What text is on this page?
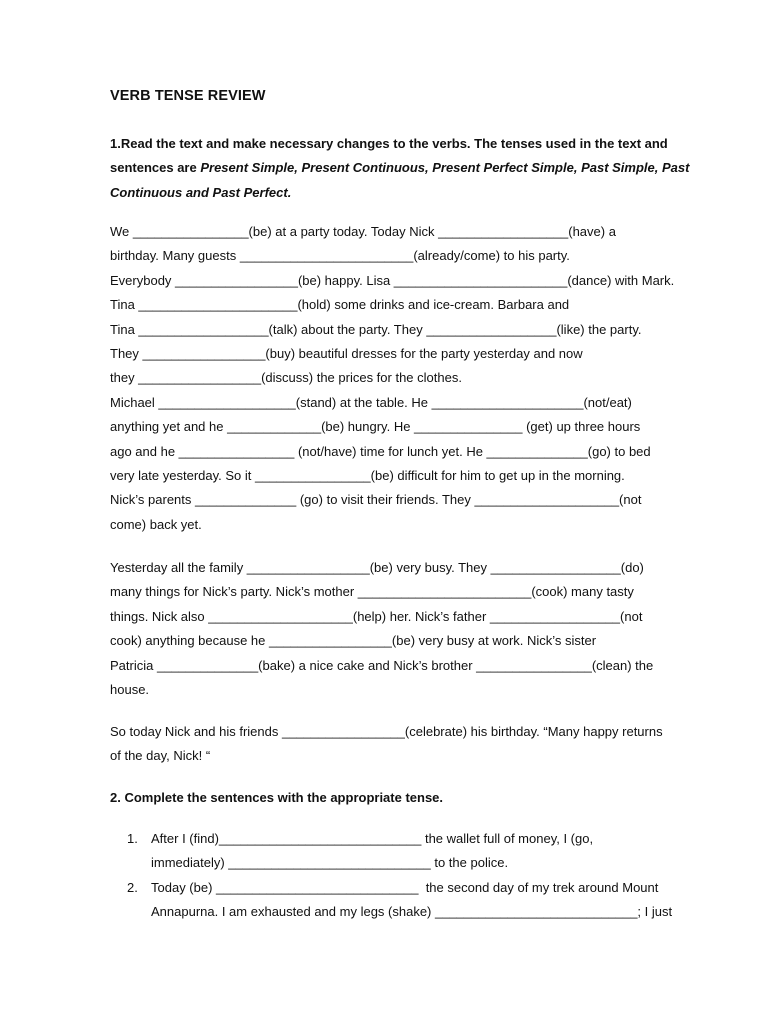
VERB TENSE REVIEW
1.Read the text and make necessary changes to the verbs. The tenses used in the text and
sentences are Present Simple, Present Continuous, Present Perfect Simple, Past Simple, Past
Continuous and Past Perfect.
We ________________(be) at a party today. Today Nick __________________(have) a
birthday. Many guests ________________________(already/come) to his party.
Everybody _________________(be) happy. Lisa ________________________(dance) with Mark.
Tina ______________________(hold) some drinks and ice-cream. Barbara and
Tina __________________(talk) about the party. They __________________(like) the party.
They _________________(buy) beautiful dresses for the party yesterday and now
they _________________(discuss) the prices for the clothes.
Michael ___________________(stand) at the table. He _____________________(not/eat)
anything yet and he _____________(be) hungry. He _______________ (get) up three hours
ago and he ________________ (not/have) time for lunch yet. He ______________(go) to bed
very late yesterday. So it ________________(be) difficult for him to get up in the morning.
Nick’s parents ______________ (go) to visit their friends. They ____________________(not
come) back yet.
Yesterday all the family _________________(be) very busy. They __________________(do)
many things for Nick’s party. Nick’s mother ________________________(cook) many tasty
things. Nick also ____________________(help) her. Nick’s father __________________(not
cook) anything because he _________________(be) very busy at work. Nick’s sister
Patricia ______________(bake) a nice cake and Nick’s brother ________________(clean) the
house.
So today Nick and his friends _________________(celebrate) his birthday. “Many happy returns
of the day, Nick! “
2. Complete the sentences with the appropriate tense.
1.	After I (find)____________________________ the wallet full of money, I (go,
immediately) ____________________________ to the police.
2.	Today (be) ____________________________  the second day of my trek around Mount
Annapurna. I am exhausted and my legs (shake) ____________________________; I just
